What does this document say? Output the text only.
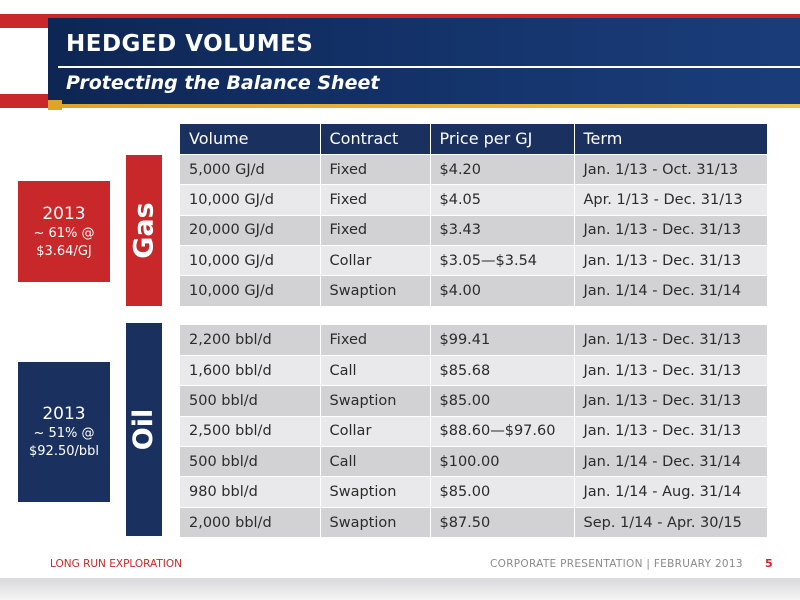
HEDGED VOLUMES
Protecting the Balance Sheet
2013
~ 61% @
$3.64/GJ
2013
~ 51% @
$92.50/bbl
Gas
Oil
Volume	Contract	Price per GJ	Term
5,000 GJ/d	Fixed	$4.20	Jan. 1/13 - Oct. 31/13
10,000 GJ/d	Fixed	$4.05	Apr. 1/13 - Dec. 31/13
20,000 GJ/d	Fixed	$3.43	Jan. 1/13 - Dec. 31/13
10,000 GJ/d	Collar	$3.05—$3.54	Jan. 1/13 - Dec. 31/13
10,000 GJ/d	Swaption	$4.00	Jan. 1/14 - Dec. 31/14
2,200 bbl/d	Fixed	$99.41	Jan. 1/13 - Dec. 31/13
1,600 bbl/d	Call	$85.68	Jan. 1/13 - Dec. 31/13
500 bbl/d	Swaption	$85.00	Jan. 1/13 - Dec. 31/13
2,500 bbl/d	Collar	$88.60—$97.60	Jan. 1/13 - Dec. 31/13
500 bbl/d	Call	$100.00	Jan. 1/14 - Dec. 31/14
980 bbl/d	Swaption	$85.00	Jan. 1/14 - Aug. 31/14
2,000 bbl/d	Swaption	$87.50	Sep. 1/14 - Apr. 30/15
LONG RUN EXPLORATION	CORPORATE PRESENTATION | FEBRUARY 2013 5
